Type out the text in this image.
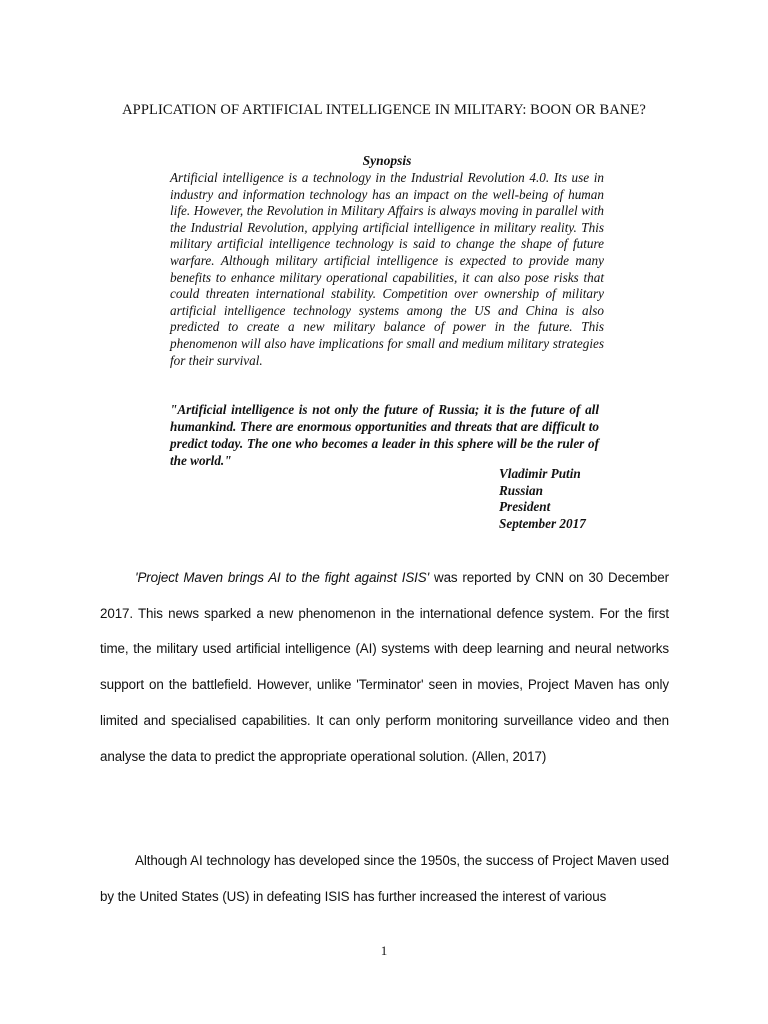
APPLICATION OF ARTIFICIAL INTELLIGENCE IN MILITARY: BOON OR BANE?
Synopsis
Artificial intelligence is a technology in the Industrial Revolution 4.0. Its use in industry and information technology has an impact on the well-being of human life. However, the Revolution in Military Affairs is always moving in parallel with the Industrial Revolution, applying artificial intelligence in military reality. This military artificial intelligence technology is said to change the shape of future warfare. Although military artificial intelligence is expected to provide many benefits to enhance military operational capabilities, it can also pose risks that could threaten international stability. Competition over ownership of military artificial intelligence technology systems among the US and China is also predicted to create a new military balance of power in the future. This phenomenon will also have implications for small and medium military strategies for their survival.
"Artificial intelligence is not only the future of Russia; it is the future of all humankind. There are enormous opportunities and threats that are difficult to predict today. The one who becomes a leader in this sphere will be the ruler of the world."
Vladimir Putin
Russian
President
September 2017
'Project Maven brings AI to the fight against ISIS' was reported by CNN on 30 December 2017. This news sparked a new phenomenon in the international defence system. For the first time, the military used artificial intelligence (AI) systems with deep learning and neural networks support on the battlefield. However, unlike 'Terminator' seen in movies, Project Maven has only limited and specialised capabilities. It can only perform monitoring surveillance video and then analyse the data to predict the appropriate operational solution. (Allen, 2017)
Although AI technology has developed since the 1950s, the success of Project Maven used by the United States (US) in defeating ISIS has further increased the interest of various
1
